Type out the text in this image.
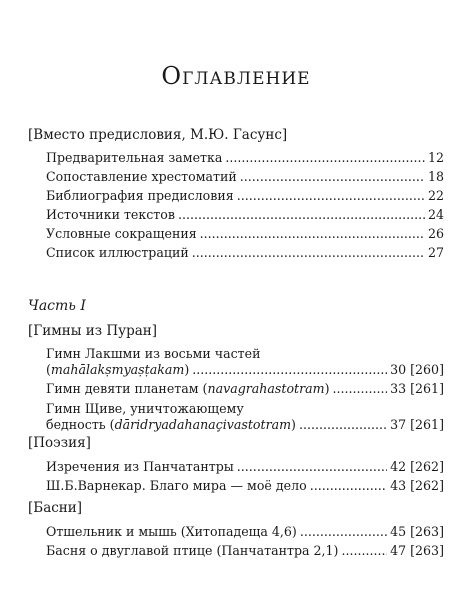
Оглавление
[Вместо предисловия, М.Ю. Гасунс]
Предварительная заметка .....	12
Сопоставление хрестоматий .....	18
Библиография предисловия .....	22
Источники текстов .....	24
Условные сокращения .....	26
Список иллюстраций .....	27
Часть I
[Гимны из Пуран]
Гимн Лакшми из восьми частей
(mahālakṣmyaṣṭakam) .....	30 [260]
Гимн девяти планетам (navagrahastotram) .....	33 [261]
Гимн Щиве, уничтожающему
бедность (dāridryadahanaçivastotram) .....	37 [261]
[Поэзия]
Изречения из Панчатантры .....	42 [262]
Ш.Б.Варнекар. Благо мира — моё дело .....	43 [262]
[Басни]
Отшельник и мышь (Хитопадеща 4,6) .....	45 [263]
Басня о двуглавой птице (Панчатантра 2,1) .....	47 [263]
